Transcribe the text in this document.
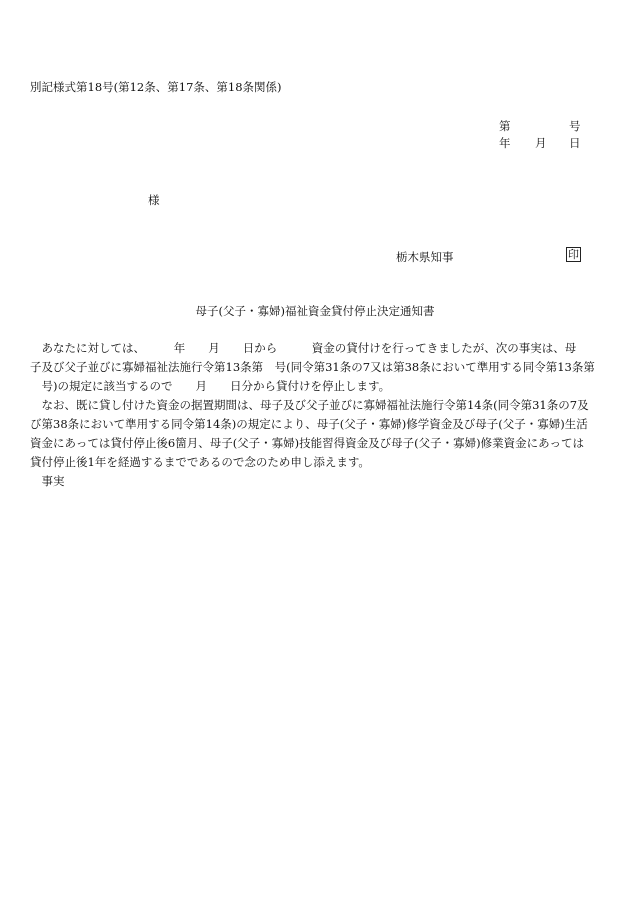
別記様式第18号(第12条、第17条、第18条関係)
第	号
年 月 日
様
栃木県知事	印
母子(父子・寡婦)福祉資金貸付停止決定通知書
　あなたに対しては、　　　年　　月　　日から　　　資金の貸付けを行ってきましたが、次の事実は、母
子及び父子並びに寡婦福祉法施行令第13条第　号(同令第31条の7又は第38条において準用する同令第13条第
　号)の規定に該当するので　　月　　日分から貸付けを停止します。
　なお、既に貸し付けた資金の据置期間は、母子及び父子並びに寡婦福祉法施行令第14条(同令第31条の7及
び第38条において準用する同令第14条)の規定により、母子(父子・寡婦)修学資金及び母子(父子・寡婦)生活
資金にあっては貸付停止後6箇月、母子(父子・寡婦)技能習得資金及び母子(父子・寡婦)修業資金にあっては
貸付停止後1年を経過するまでであるので念のため申し添えます。
　事実
